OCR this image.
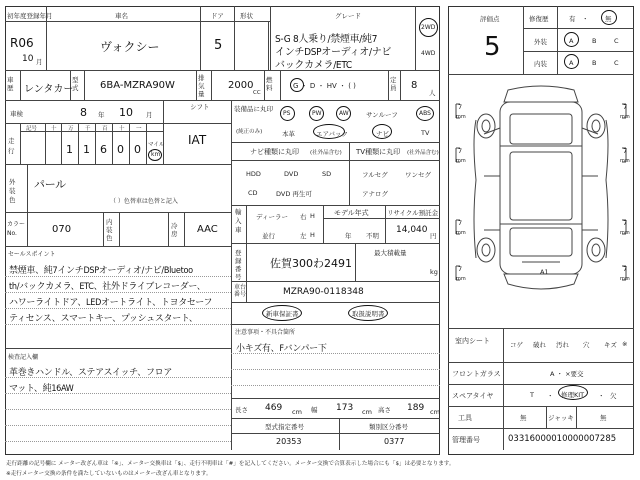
初年度登録年月	車名	ドア 形状	グレード
R06
10 月
ヴォクシー	5	S-G 8人乗り/禁煙車/純7
インチDSPオーディオ/ナビ
バックカメラ/ETC
2WD
4WD
車歴	レンタカー
型式	6BA-MZRA90W
排気量
2000
CC
燃料	G ・ D ・ HV ・ ( )
定員	8
人
車検	8 年 10 月
シフト
IAT
走行
記号	十 万 千 百 十 一
1 1 6 0 0 マイル
km
外装色
パール
（ ）色替車は色替と記入
カラーNo.	070
内装色
冷房	AAC
セールスポイント
禁煙車、純7インチDSPオーディオ/ナビ/Bluetoo
th/バックカメラ、ETC、社外ドライブレコーダー、
ハワーライトドア、LEDオートライト、トヨタセーフ
ティセンス、スマートキー、プッシュスタート、
検査記入欄
革巻きハンドル、ステアスイッチ、フロア
マット、純16AW
装備品に丸印
(純正のみ)
PS	PW	AW	サンルーフ	ABS
本革	エアバック	ナビ	TV
ナビ種類に丸印 (社外品含む)
HDD	DVD	SD
CD	DVD 再生可
TV種類に丸印 (社外品含む)
フルセグ	ワンセグ
アナログ
輸入車
ディーラー
並行
右 H
左 H
モデル年式
年 不明
リサイクル預託金
14,040
円
登録番号
佐賀300わ2491
最大積載量
kg
車台番号	MZRA90-0118348
新車保証書	取扱説明書
注意事項・不具合箇所
小キズ有、Fバンパー下
長さ 469 cm 幅 173 cm 高さ 189 cm
型式指定番号
20353
類別区分番号
0377
評価点
5
修復歴	有 ・	無
外装	A	B	C
内装	A	B	C
7
mm
7
mm
7
mm
7
mm
7
mm
7
mm
7
mm
7
mm
A1
室内シート	コゲ 破れ 汚れ 穴 キズ ※
フロントガラス	A ・ ×要交
スペアタイヤ	T ・ 修理KIT ・ 欠
工具	無	ジャッキ	無
管理番号	03316000010000007285
走行距離の記号欄に メーター改ざん車は「※」、メーター交換車は「$」、走行不明車は「#」を記入してください。メーター交換で合算表示した場合にも「$」は必要となります。
※走行メーター交換の条件を満たしていないものはメーター改ざん車となります。
